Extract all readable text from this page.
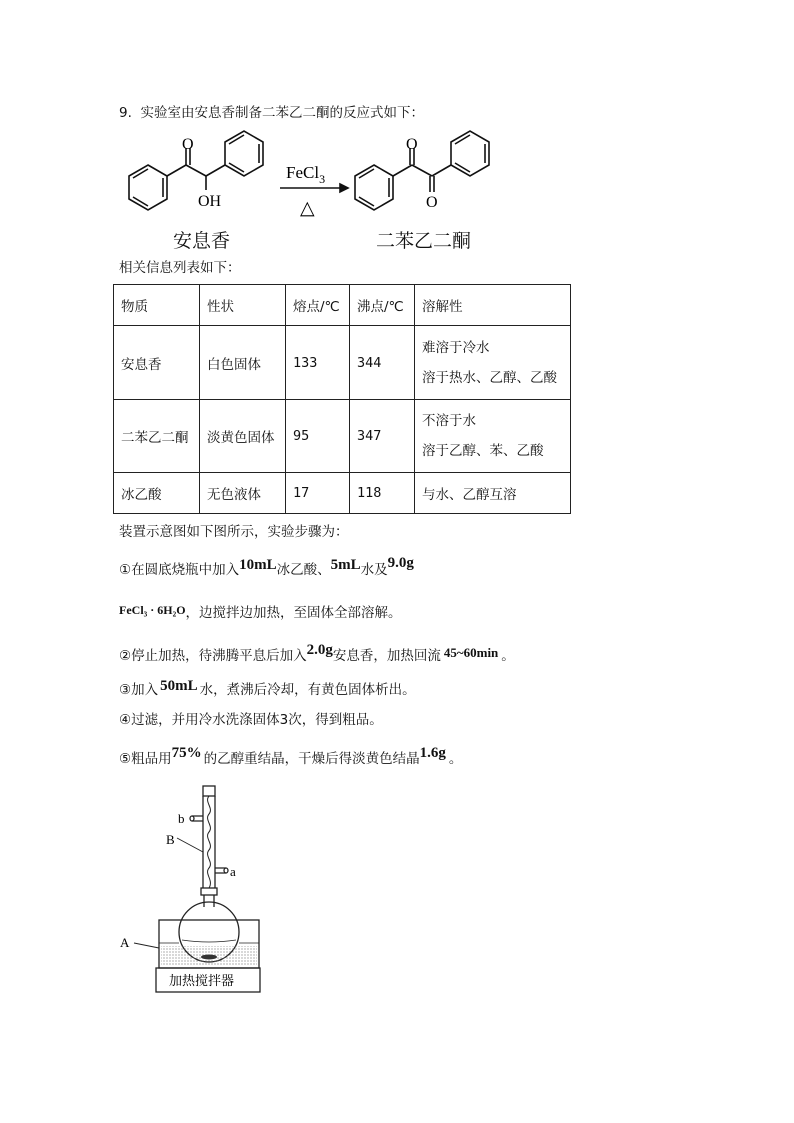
9. 实验室由安息香制备二苯乙二酮的反应式如下：
O
OH
O
O
FeCl$_3$
△
安息香	二苯乙二酮
相关信息列表如下：
物质	性状	熔点/℃	沸点/℃	溶解性
安息香	白色固体	133	344	难溶于冷水
溶于热水、乙醇、乙酸

二苯乙二酮	淡黄色固体	95	347	不溶于水
溶于乙醇、苯、乙酸

冰乙酸	无色液体	17	118	与水、乙醇互溶
装置示意图如下图所示，实验步骤为：
①在圆底烧瓶中加入10mL冰乙酸、5mL水及9.0g
FeCl₃ · 6H₂O，边搅拌边加热，至固体全部溶解。
②停止加热，待沸腾平息后加入2.0g安息香，加热回流 45~60min 。
③加入 50mL 水，煮沸后冷却，有黄色固体析出。
④过滤，并用冷水洗涤固体3次，得到粗品。
⑤粗品用75% 的乙醇重结晶，干燥后得淡黄色结晶1.6g 。
b
a
B
A
加热搅拌器
